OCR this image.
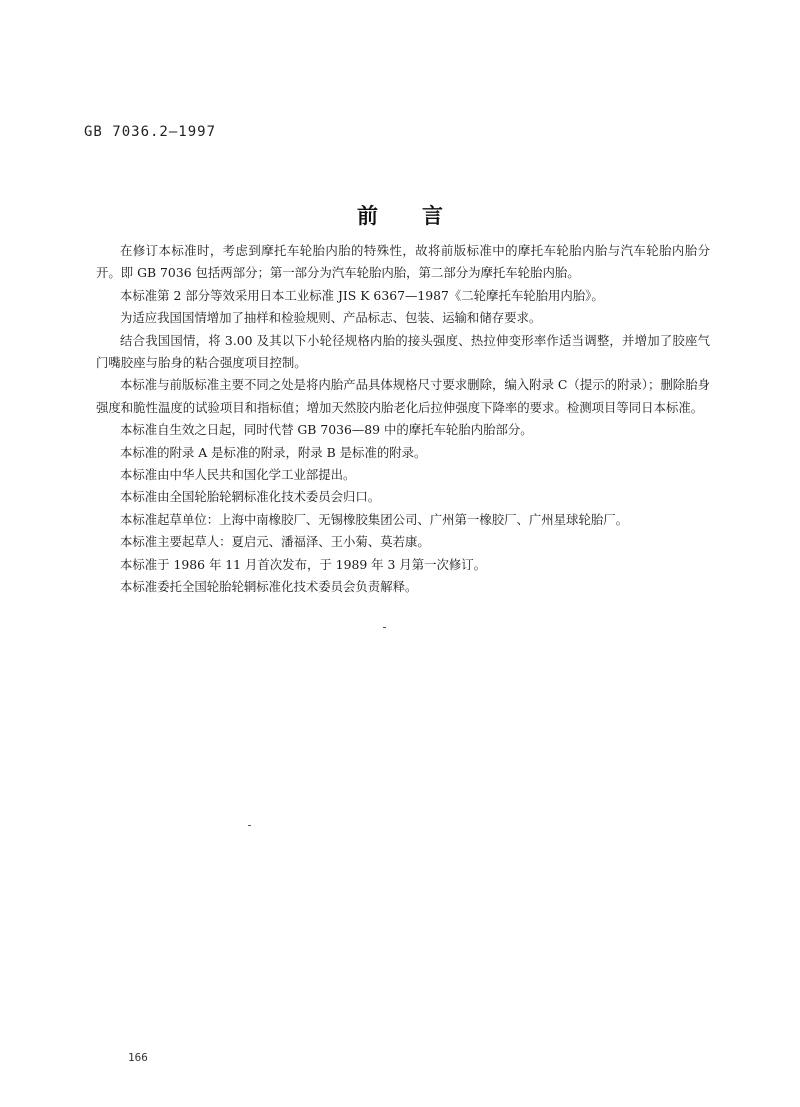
GB 7036.2—1997
前言

在修订本标准时，考虑到摩托车轮胎内胎的特殊性，故将前版标准中的摩托车轮胎内胎与汽车轮胎内胎分开。即 GB 7036 包括两部分；第一部分为汽车轮胎内胎，第二部分为摩托车轮胎内胎。

本标准第 2 部分等效采用日本工业标准 JIS K 6367—1987《二轮摩托车轮胎用内胎》。

为适应我国国情增加了抽样和检验规则、产品标志、包装、运输和储存要求。

结合我国国情，将 3.00 及其以下小轮径规格内胎的接头强度、热拉伸变形率作适当调整，并增加了胶座气门嘴胶座与胎身的粘合强度项目控制。

本标准与前版标准主要不同之处是将内胎产品具体规格尺寸要求删除，编入附录 C（提示的附录）；删除胎身强度和脆性温度的试验项目和指标值；增加天然胶内胎老化后拉伸强度下降率的要求。检测项目等同日本标准。

本标准自生效之日起，同时代替 GB 7036—89 中的摩托车轮胎内胎部分。

本标准的附录 A 是标准的附录，附录 B 是标准的附录。

本标准由中华人民共和国化学工业部提出。

本标准由全国轮胎轮辋标准化技术委员会归口。

本标准起草单位：上海中南橡胶厂、无锡橡胶集团公司、广州第一橡胶厂、广州星球轮胎厂。

本标准主要起草人：夏启元、潘福泽、王小菊、莫若康。

本标准于 1986 年 11 月首次发布，于 1989 年 3 月第一次修订。

本标准委托全国轮胎轮辋标准化技术委员会负责解释。

166
